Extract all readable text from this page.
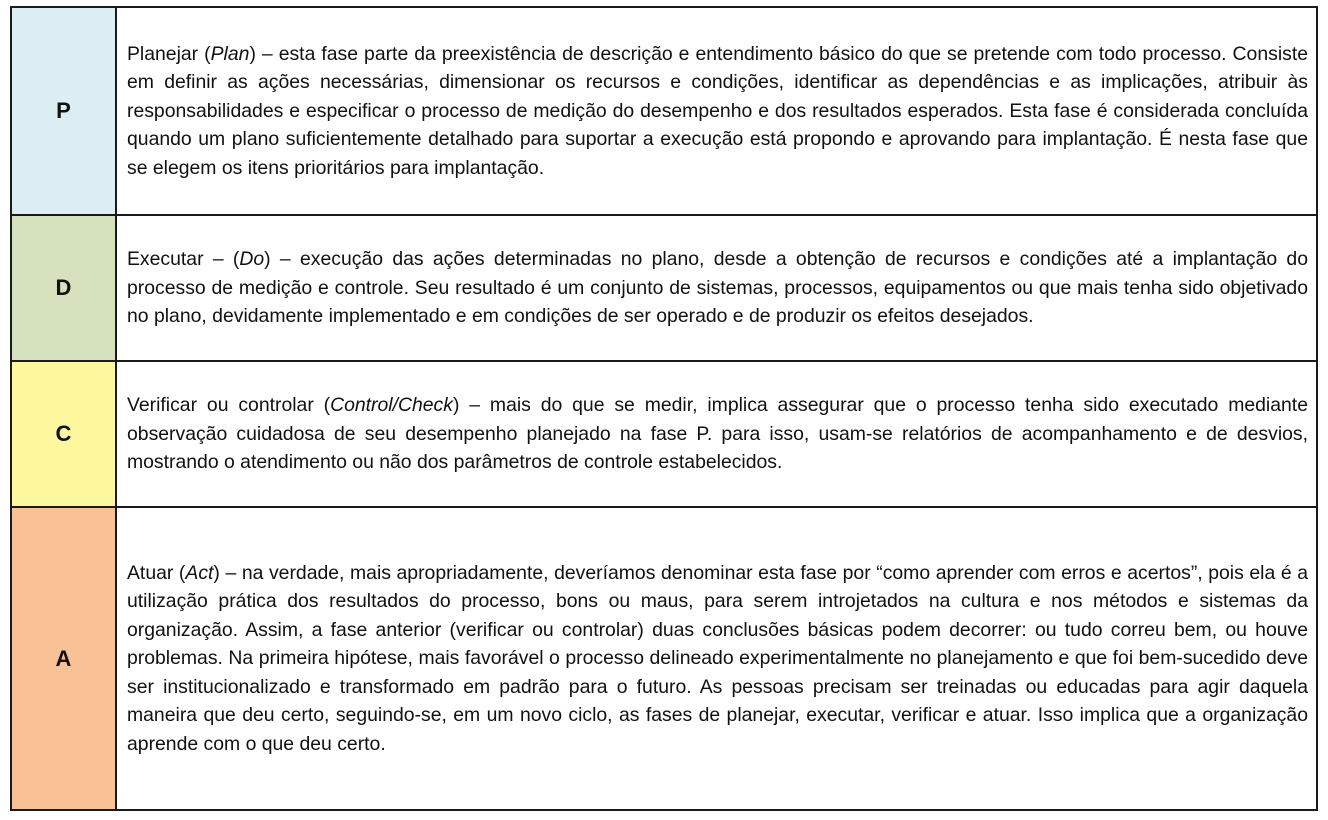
P	Planejar (Plan) – esta fase parte da preexistência de descrição e entendimento básico do que se pretende com todo processo. Consiste em definir as ações necessárias, dimensionar os recursos e condições, identificar as dependências e as implicações, atribuir às responsabilidades e especificar o processo de medição do desempenho e dos resultados esperados. Esta fase é considerada concluída quando um plano suficientemente detalhado para suportar a execução está propondo e aprovando para implantação. É nesta fase que se elegem os itens prioritários para implantação.
D	Executar – (Do) – execução das ações determinadas no plano, desde a obtenção de recursos e condições até a implantação do processo de medição e controle. Seu resultado é um conjunto de sistemas, processos, equipamentos ou que mais tenha sido objetivado no plano, devidamente implementado e em condições de ser operado e de produzir os efeitos desejados.
C	Verificar ou controlar (Control/Check) – mais do que se medir, implica assegurar que o processo tenha sido executado mediante observação cuidadosa de seu desempenho planejado na fase P. para isso, usam-se relatórios de acompanhamento e de desvios, mostrando o atendimento ou não dos parâmetros de controle estabelecidos.
A	Atuar (Act) – na verdade, mais apropriadamente, deveríamos denominar esta fase por “como aprender com erros e acertos”, pois ela é a utilização prática dos resultados do processo, bons ou maus, para serem introjetados na cultura e nos métodos e sistemas da organização. Assim, a fase anterior (verificar ou controlar) duas conclusões básicas podem decorrer: ou tudo correu bem, ou houve problemas. Na primeira hipótese, mais favorável o processo delineado experimentalmente no planejamento e que foi bem-sucedido deve ser institucionalizado e transformado em padrão para o futuro. As pessoas precisam ser treinadas ou educadas para agir daquela maneira que deu certo, seguindo-se, em um novo ciclo, as fases de planejar, executar, verificar e atuar. Isso implica que a organização aprende com o que deu certo.
